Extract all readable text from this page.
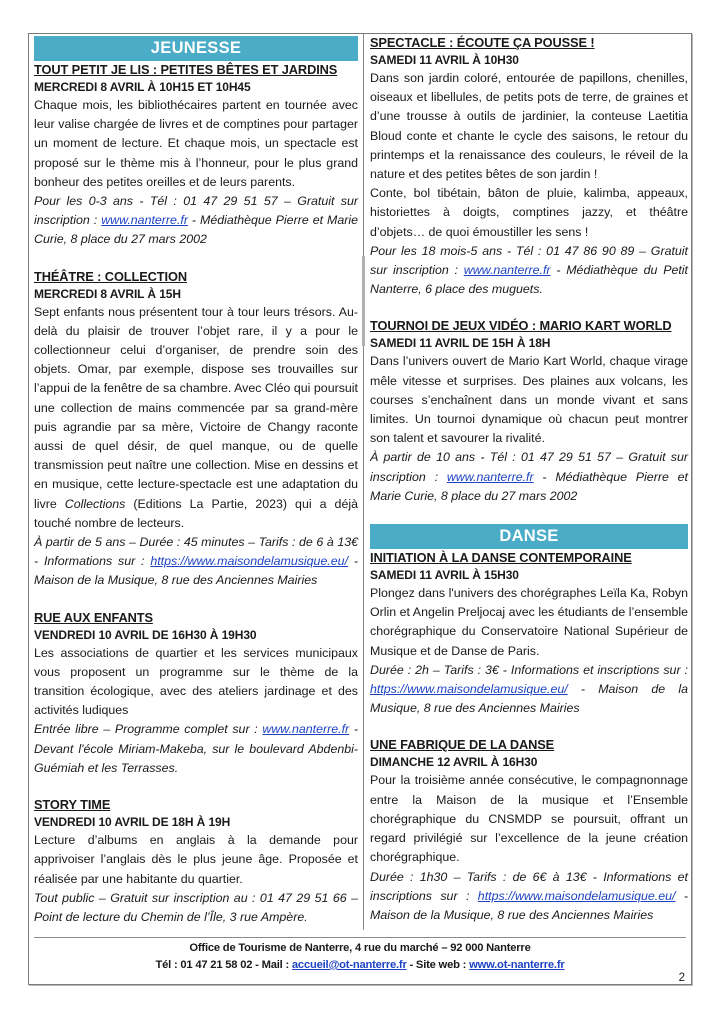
JEUNESSE
TOUT PETIT JE LIS : PETITES BÊTES ET JARDINS
MERCREDI 8 AVRIL À 10H15 ET 10H45
Chaque mois, les bibliothécaires partent en tournée avec leur valise chargée de livres et de comptines pour partager un moment de lecture. Et chaque mois, un spectacle est proposé sur le thème mis à l’honneur, pour le plus grand bonheur des petites oreilles et de leurs parents.
Pour les 0-3 ans - Tél : 01 47 29 51 57 – Gratuit sur inscription : www.nanterre.fr - Médiathèque Pierre et Marie Curie, 8 place du 27 mars 2002
THÉÂTRE : COLLECTION
MERCREDI 8 AVRIL À 15H
Sept enfants nous présentent tour à tour leurs trésors. Au-delà du plaisir de trouver l’objet rare, il y a pour le collectionneur celui d’organiser, de prendre soin des objets. Omar, par exemple, dispose ses trouvailles sur l’appui de la fenêtre de sa chambre. Avec Cléo qui poursuit une collection de mains commencée par sa grand-mère puis agrandie par sa mère, Victoire de Changy raconte aussi de quel désir, de quel manque, ou de quelle transmission peut naître une collection. Mise en dessins et en musique, cette lecture-spectacle est une adaptation du livre Collections (Editions La Partie, 2023) qui a déjà touché nombre de lecteurs.
À partir de 5 ans – Durée : 45 minutes – Tarifs : de 6 à 13€ - Informations sur : https://www.maisondelamusique.eu/ - Maison de la Musique, 8 rue des Anciennes Mairies
RUE AUX ENFANTS
VENDREDI 10 AVRIL DE 16H30 À 19H30
Les associations de quartier et les services municipaux vous proposent un programme sur le thème de la transition écologique, avec des ateliers jardinage et des activités ludiques
Entrée libre – Programme complet sur : www.nanterre.fr - Devant l'école Miriam-Makeba, sur le boulevard Abdenbi-Guémiah et les Terrasses.
STORY TIME
VENDREDI 10 AVRIL DE 18H À 19H
Lecture d’albums en anglais à la demande pour apprivoiser l’anglais dès le plus jeune âge. Proposée et réalisée par une habitante du quartier.
Tout public – Gratuit sur inscription au : 01 47 29 51 66 – Point de lecture du Chemin de l’Île, 3 rue Ampère.
SPECTACLE : ÉCOUTE ÇA POUSSE !
SAMEDI 11 AVRIL À 10H30
Dans son jardin coloré, entourée de papillons, chenilles, oiseaux et libellules, de petits pots de terre, de graines et d’une trousse à outils de jardinier, la conteuse Laetitia Bloud conte et chante le cycle des saisons, le retour du printemps et la renaissance des couleurs, le réveil de la nature et des petites bêtes de son jardin !
Conte, bol tibétain, bâton de pluie, kalimba, appeaux, historiettes à doigts, comptines jazzy, et théâtre d’objets… de quoi émoustiller les sens !
Pour les 18 mois-5 ans - Tél : 01 47 86 90 89 – Gratuit sur inscription : www.nanterre.fr - Médiathèque du Petit Nanterre, 6 place des muguets.
TOURNOI DE JEUX VIDÉO : MARIO KART WORLD
SAMEDI 11 AVRIL DE 15H À 18H
Dans l’univers ouvert de Mario Kart World, chaque virage mêle vitesse et surprises. Des plaines aux volcans, les courses s’enchaînent dans un monde vivant et sans limites. Un tournoi dynamique où chacun peut montrer son talent et savourer la rivalité.
À partir de 10 ans - Tél : 01 47 29 51 57 – Gratuit sur inscription : www.nanterre.fr - Médiathèque Pierre et Marie Curie, 8 place du 27 mars 2002
DANSE
INITIATION À LA DANSE CONTEMPORAINE
SAMEDI 11 AVRIL À 15H30
Plongez dans l'univers des chorégraphes Leïla Ka, Robyn Orlin et Angelin Preljocaj avec les étudiants de l’ensemble chorégraphique du Conservatoire National Supérieur de Musique et de Danse de Paris.
Durée : 2h – Tarifs : 3€ - Informations et inscriptions sur : https://www.maisondelamusique.eu/ - Maison de la Musique, 8 rue des Anciennes Mairies
UNE FABRIQUE DE LA DANSE
DIMANCHE 12 AVRIL À 16H30
Pour la troisième année consécutive, le compagnonnage entre la Maison de la musique et l’Ensemble chorégraphique du CNSMDP se poursuit, offrant un regard privilégié sur l’excellence de la jeune création chorégraphique.
Durée : 1h30 – Tarifs : de 6€ à 13€ - Informations et inscriptions sur : https://www.maisondelamusique.eu/ - Maison de la Musique, 8 rue des Anciennes Mairies
Office de Tourisme de Nanterre, 4 rue du marché – 92 000 Nanterre
Tél : 01 47 21 58 02 - Mail : accueil@ot-nanterre.fr - Site web : www.ot-nanterre.fr
2
